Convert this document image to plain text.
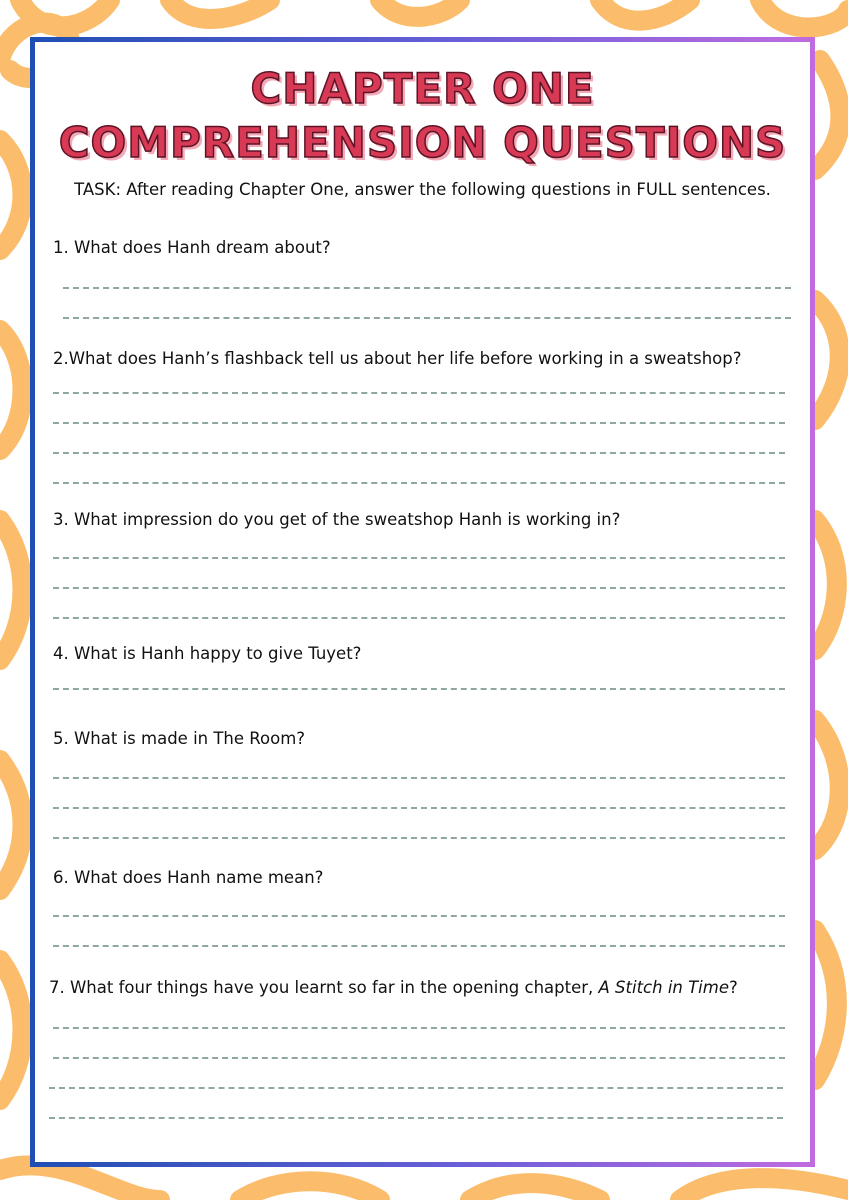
CHAPTER ONE
COMPREHENSION QUESTIONS
TASK: After reading Chapter One, answer the following questions in FULL sentences.
1. What does Hanh dream about?
2.What does Hanh’s flashback tell us about her life before working in a sweatshop?
3. What impression do you get of the sweatshop Hanh is working in?
4. What is Hanh happy to give Tuyet?
5. What is made in The Room?
6. What does Hanh name mean?
7. What four things have you learnt so far in the opening chapter, A Stitch in Time?
